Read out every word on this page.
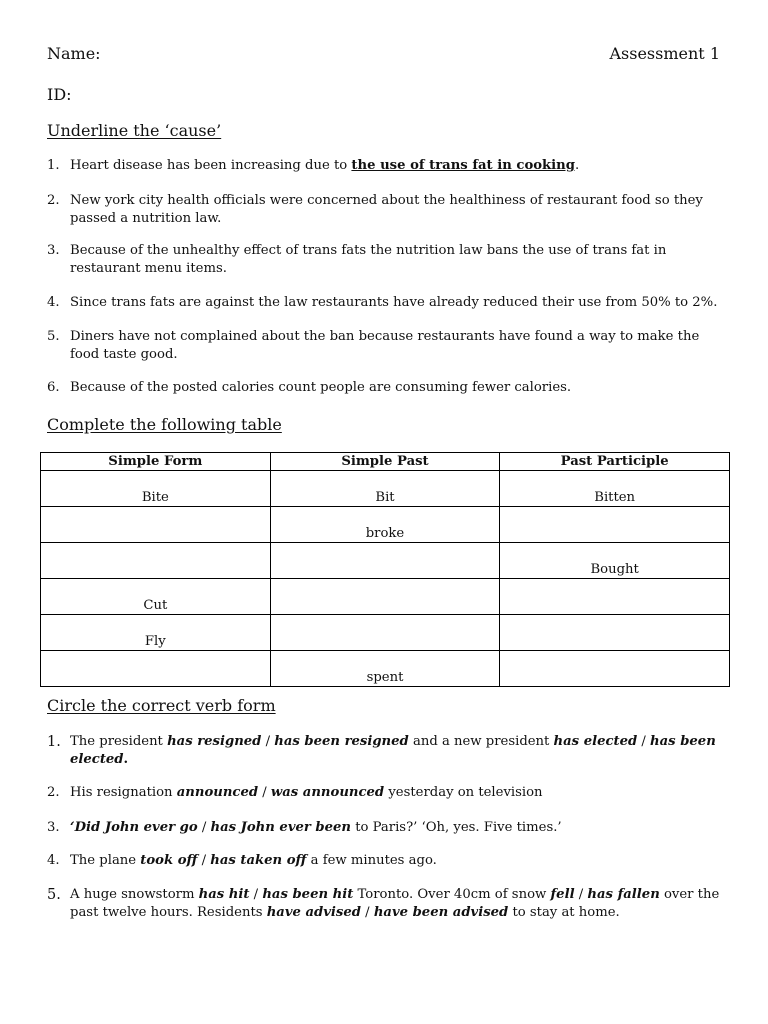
Name:	Assessment 1
ID:
Underline the ‘cause’
1. Heart disease has been increasing due to the use of trans fat in cooking.
2. New york city health officials were concerned about the healthiness of restaurant food so they passed a nutrition law.
3. Because of the unhealthy effect of trans fats the nutrition law bans the use of trans fat in restaurant menu items.
4. Since trans fats are against the law restaurants have already reduced their use from 50% to 2%.
5. Diners have not complained about the ban because restaurants have found a way to make the food taste good.
6. Because of the posted calories count people are consuming fewer calories.
Complete the following table
Simple Form	Simple Past	Past Participle
Bite	Bit	Bitten
	broke	
		Bought
Cut		
Fly		
	spent	
Circle the correct verb form
1. The president has resigned / has been resigned and a new president has elected / has been elected.
2. His resignation announced / was announced yesterday on television
3. ‘Did John ever go / has John ever been to Paris?’ ‘Oh, yes. Five times.’
4. The plane took off / has taken off a few minutes ago.
5. A huge snowstorm has hit / has been hit Toronto. Over 40cm of snow fell / has fallen over the past twelve hours. Residents have advised / have been advised to stay at home.
